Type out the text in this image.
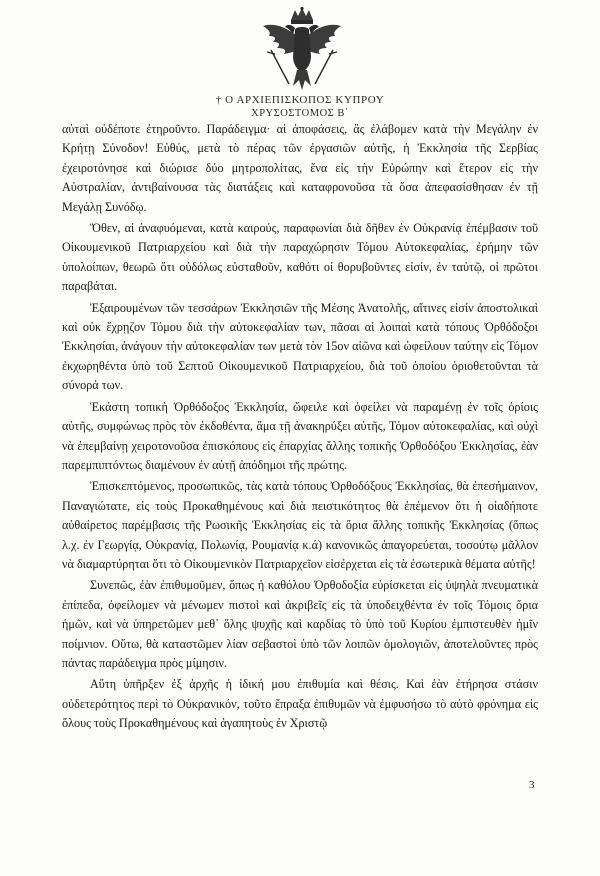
† Ο ΑΡΧΙΕΠΙΣΚΟΠΟΣ ΚΥΠΡΟΥ
ΧΡΥΣΟΣΤΟΜΟΣ Β΄

αὐταὶ οὐδέποτε ἐτηροῦντο. Παράδειγμα· αἱ ἀποφάσεις, ἃς ἐλάβομεν κατὰ τὴν Μεγάλην ἐν Κρήτῃ Σύνοδον! Εὐθύς, μετὰ τὸ πέρας τῶν ἐργασιῶν αὐτῆς, ἡ Ἐκκλησία τῆς Σερβίας ἐχειροτόνησε καὶ διώρισε δύο μητροπολίτας, ἕνα εἰς τὴν Εὐρώπην καὶ ἕτερον εἰς τὴν Αὐστραλίαν, ἀντιβαίνουσα τὰς διατάξεις καὶ καταφρονοῦσα τὰ ὅσα ἀπεφασίσθησαν ἐν τῇ Μεγάλῃ Συνόδῳ.

Ὅθεν, αἱ ἀναφυόμεναι, κατὰ καιρούς, παραφωνίαι διὰ δῆθεν ἐν Οὐκρανίᾳ ἐπέμβασιν τοῦ Οἰκουμενικοῦ Πατριαρχείου καὶ διὰ τὴν παραχώρησιν Τόμου Αὐτοκεφαλίας, ἐρήμην τῶν ὑπολοίπων, θεωρῶ ὅτι οὐδόλως εὐσταθοῦν, καθότι οἱ θορυβοῦντες εἰσίν, ἐν ταὐτῷ, οἱ πρῶτοι παραβάται.

Ἐξαιρουμένων τῶν τεσσάρων Ἐκκλησιῶν τῆς Μέσης Ἀνατολῆς, αἵτινες εἰσίν ἀποστολικαὶ καὶ οὐκ ἔχρῃζον Τόμου διὰ τὴν αὐτοκεφαλίαν των, πᾶσαι αἱ λοιπαὶ κατὰ τόπους Ὀρθόδοξοι Ἐκκλησίαι, ἀνάγουν τὴν αὐτοκεφαλίαν των μετὰ τὸν 15ον αἰῶνα καὶ ὠφείλουν ταύτην εἰς Τόμον ἐκχωρηθέντα ὑπὸ τοῦ Σεπτοῦ Οἰκουμενικοῦ Πατριαρχείου, διὰ τοῦ ὁποίου ὁριοθετοῦνται τὰ σύνορά των.

Ἑκάστη τοπικὴ Ὀρθόδοξος Ἐκκλησία, ὤφειλε καὶ ὀφείλει νὰ παραμένῃ ἐν τοῖς ὁρίοις αὐτῆς, συμφώνως πρὸς τὸν ἐκδοθέντα, ἅμα τῇ ἀνακηρύξει αὐτῆς, Τόμον αὐτοκεφαλίας, καὶ οὐχὶ νὰ ἐπεμβαίνῃ χειροτονοῦσα ἐπισκόπους εἰς ἐπαρχίας ἄλλης τοπικῆς Ὀρθοδόξου Ἐκκλησίας, ἐὰν παρεμπιπτόντως διαμένουν ἐν αὐτῇ ἀπόδημοι τῆς πρώτης.

Ἐπισκεπτόμενος, προσωπικῶς, τὰς κατὰ τόπους Ὀρθοδόξους Ἐκκλησίας, θὰ ἐπεσήμαινον, Παναγιώτατε, εἰς τοὺς Προκαθημένους καὶ διὰ πειστικότητος θὰ ἐπέμενον ὅτι ἡ οἰαδήποτε αὐθαίρετος παρέμβασις τῆς Ρωσικῆς Ἐκκλησίας εἰς τὰ ὅρια ἄλλης τοπικῆς Ἐκκλησίας (ὅπως λ.χ. ἐν Γεωργίᾳ, Οὐκρανίᾳ, Πολωνίᾳ, Ρουμανίᾳ κ.ά) κανονικῶς ἀπαγορεύεται, τοσούτῳ μᾶλλον νὰ διαμαρτύρηται ὅτι τὸ Οἰκουμενικὸν Πατριαρχεῖον εἰσέρχεται εἰς τὰ ἐσωτερικὰ θέματα αὐτῆς!

Συνεπῶς, ἐὰν ἐπιθυμοῦμεν, ὅπως ἡ καθόλου Ὀρθοδοξία εὑρίσκεται εἰς ὑψηλὰ πνευματικὰ ἐπίπεδα, ὀφείλομεν νὰ μένωμεν πιστοὶ καὶ ἀκριβεῖς εἰς τὰ ὑποδειχθέντα ἐν τοῖς Τόμοις ὅρια ἡμῶν, καὶ νὰ ὑπηρετῶμεν μεθ᾽ ὅλης ψυχῆς καὶ καρδίας τὸ ὑπὸ τοῦ Κυρίου ἐμπιστευθὲν ἡμῖν ποίμνιον. Οὕτω, θὰ καταστῶμεν λίαν σεβαστοὶ ὑπὸ τῶν λοιπῶν ὁμολογιῶν, ἀποτελοῦντες πρὸς πάντας παράδειγμα πρὸς μίμησιν.

Αὕτη ὑπῆρξεν ἐξ ἀρχῆς ἡ ἰδική μου ἐπιθυμία καὶ θέσις. Καὶ ἐὰν ἐτήρησα στάσιν οὐδετερότητος περὶ τὸ Οὐκρανικόν, τοῦτο ἔπραξα ἐπιθυμῶν νὰ ἐμφυσήσω τὸ αὐτὸ φρόνημα εἰς ὅλους τοὺς Προκαθημένους καὶ ἀγαπητοὺς ἐν Χριστῷ

3
